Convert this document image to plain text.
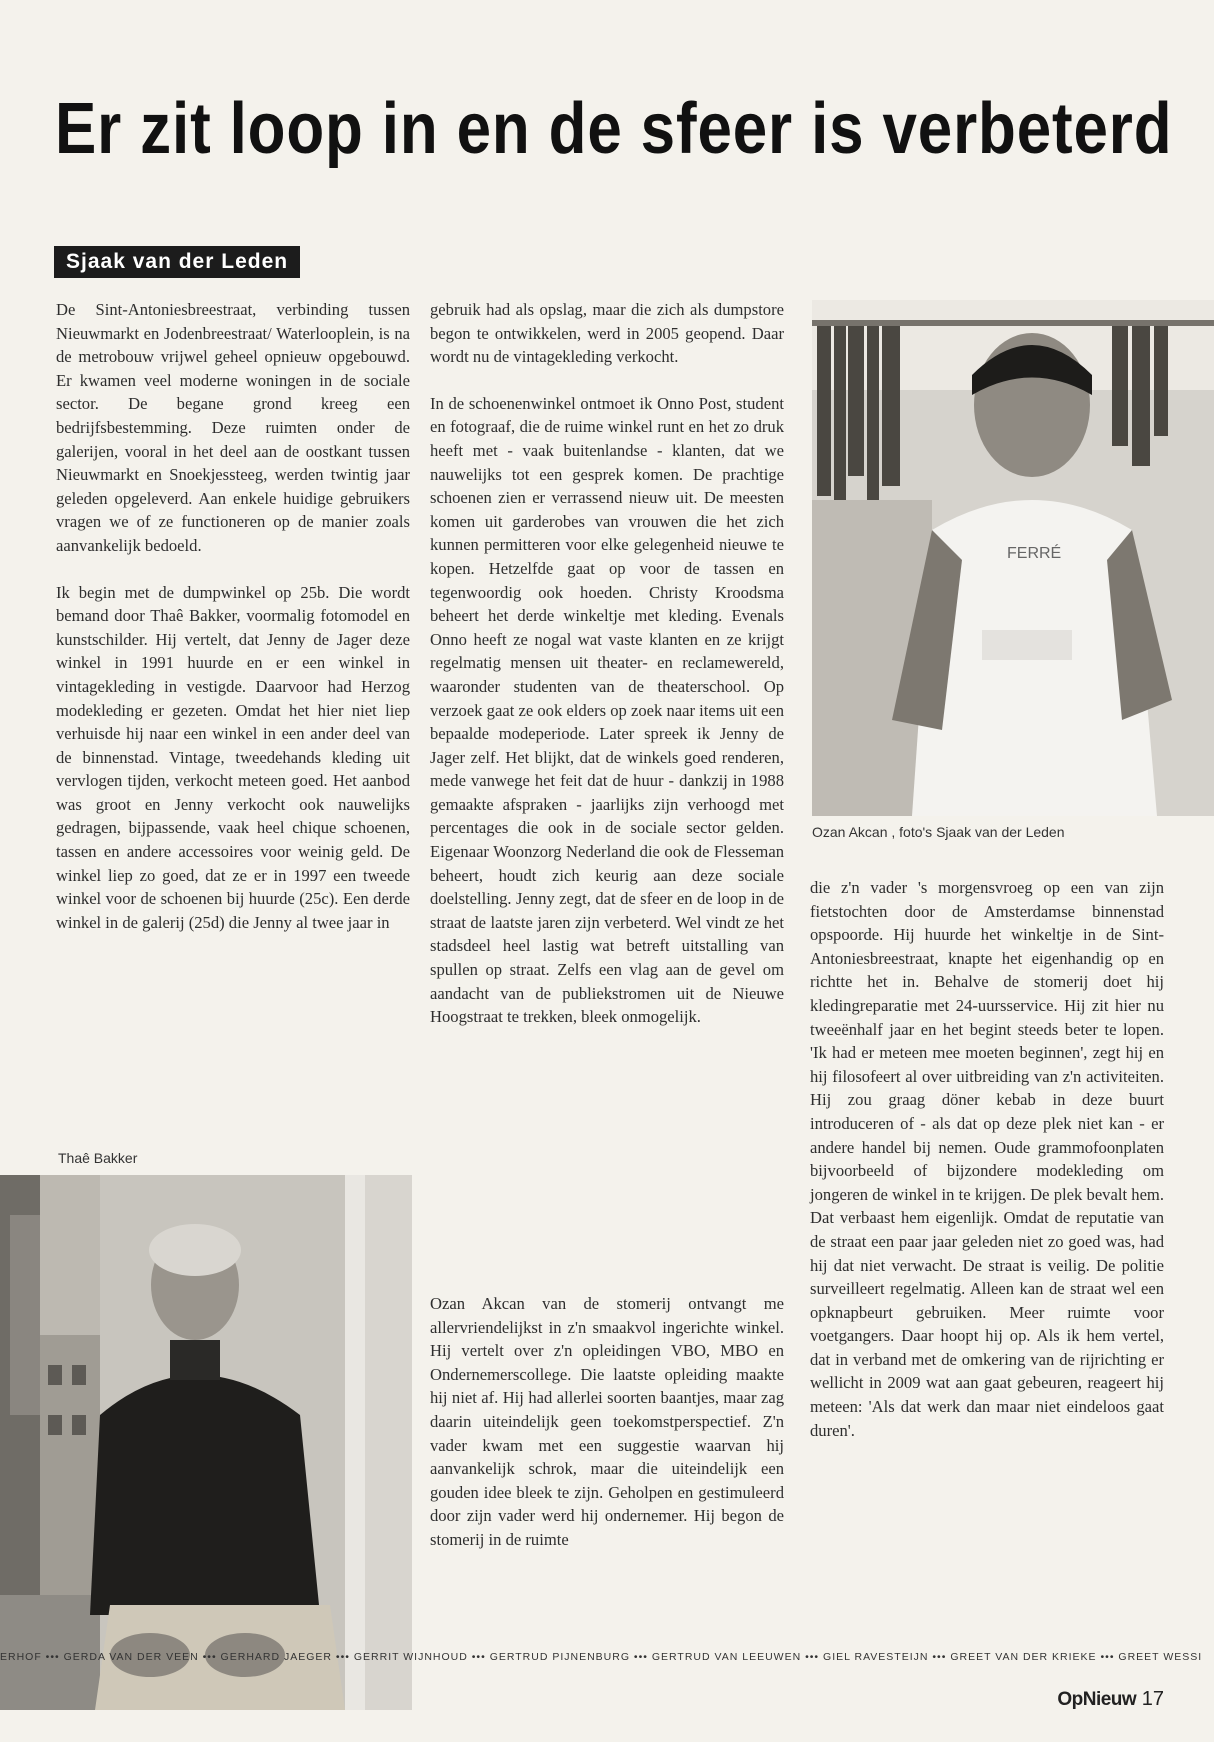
Er zit loop in en de sfeer is verbeterd
Sjaak van der Leden

De Sint-Antoniesbreestraat, verbinding tussen Nieuwmarkt en Jodenbreestraat/ Waterlooplein, is na de metrobouw vrijwel geheel opnieuw opgebouwd. Er kwamen veel moderne woningen in de sociale sector. De begane grond kreeg een bedrijfsbestemming. Deze ruimten onder de galerijen, vooral in het deel aan de oostkant tussen Nieuwmarkt en Snoekjessteeg, werden twintig jaar geleden opgeleverd. Aan enkele huidige gebruikers vragen we of ze functioneren op de manier zoals aanvankelijk bedoeld.

Ik begin met de dumpwinkel op 25b. Die wordt bemand door Thaê Bakker, voormalig fotomodel en kunstschilder. Hij vertelt, dat Jenny de Jager deze winkel in 1991 huurde en er een winkel in vintagekleding in vestigde. Daarvoor had Herzog modekleding er gezeten. Omdat het hier niet liep verhuisde hij naar een winkel in een ander deel van de binnenstad. Vintage, tweedehands kleding uit vervlogen tijden, verkocht meteen goed. Het aanbod was groot en Jenny verkocht ook nauwelijks gedragen, bijpassende, vaak heel chique schoenen, tassen en andere accessoires voor weinig geld. De winkel liep zo goed, dat ze er in 1997 een tweede winkel voor de schoenen bij huurde (25c). Een derde winkel in de galerij (25d) die Jenny al twee jaar in

Thaê Bakker

gebruik had als opslag, maar die zich als dumpstore begon te ontwikkelen, werd in 2005 geopend. Daar wordt nu de vintagekleding verkocht.

In de schoenenwinkel ontmoet ik Onno Post, student en fotograaf, die de ruime winkel runt en het zo druk heeft met - vaak buitenlandse - klanten, dat we nauwelijks tot een gesprek komen. De prachtige schoenen zien er verrassend nieuw uit. De meesten komen uit garderobes van vrouwen die het zich kunnen permitteren voor elke gelegenheid nieuwe te kopen. Hetzelfde gaat op voor de tassen en tegenwoordig ook hoeden. Christy Kroodsma beheert het derde winkeltje met kleding. Evenals Onno heeft ze nogal wat vaste klanten en ze krijgt regelmatig mensen uit theater- en reclamewereld, waaronder studenten van de theaterschool. Op verzoek gaat ze ook elders op zoek naar items uit een bepaalde modeperiode. Later spreek ik Jenny de Jager zelf. Het blijkt, dat de winkels goed renderen, mede vanwege het feit dat de huur - dankzij in 1988 gemaakte afspraken - jaarlijks zijn verhoogd met percentages die ook in de sociale sector gelden. Eigenaar Woonzorg Nederland die ook de Flesseman beheert, houdt zich keurig aan deze sociale doelstelling. Jenny zegt, dat de sfeer en de loop in de straat de laatste jaren zijn verbeterd. Wel vindt ze het stadsdeel heel lastig wat betreft uitstalling van spullen op straat. Zelfs een vlag aan de gevel om aandacht van de publiekstromen uit de Nieuwe Hoogstraat te trekken, bleek onmogelijk.

FERRÉ
Ozan Akcan , foto's Sjaak van der Leden

die z'n vader 's morgensvroeg op een van zijn fietstochten door de Amsterdamse binnenstad opspoorde. Hij huurde het winkeltje in de Sint-Antoniesbreestraat, knapte het eigenhandig op en richtte het in. Behalve de stomerij doet hij kledingreparatie met 24-uursservice. Hij zit hier nu tweeënhalf jaar en het begint steeds beter te lopen. 'Ik had er meteen mee moeten beginnen', zegt hij en hij filosofeert al over uitbreiding van z'n activiteiten. Hij zou graag döner kebab in deze buurt introduceren of - als dat op deze plek niet kan - er andere handel bij nemen. Oude grammofoonplaten bijvoorbeeld of bijzondere modekleding om jongeren de winkel in te krijgen. De plek bevalt hem. Dat verbaast hem eigenlijk. Omdat de reputatie van de straat een paar jaar geleden niet zo goed was, had hij dat niet verwacht. De straat is veilig. De politie surveilleert regelmatig. Alleen kan de straat wel een opknapbeurt gebruiken. Meer ruimte voor voetgangers. Daar hoopt hij op. Als ik hem vertel, dat in verband met de omkering van de rijrichting er wellicht in 2009 wat aan gaat gebeuren, reageert hij meteen: 'Als dat werk dan maar niet eindeloos gaat duren'.

ERHOF ••• GERDA VAN DER VEEN ••• GERHARD JAEGER ••• GERRIT WIJNHOUD ••• GERTRUD PIJNENBURG ••• GERTRUD VAN LEEUWEN ••• GIEL RAVESTEIJN ••• GREET VAN DER KRIEKE ••• GREET WESSI
OpNieuw 17

Ozan Akcan van de stomerij ontvangt me allervriendelijkst in z'n smaakvol ingerichte winkel. Hij vertelt over z'n opleidingen VBO, MBO en Ondernemerscollege. Die laatste opleiding maakte hij niet af. Hij had allerlei soorten baantjes, maar zag daarin uiteindelijk geen toekomstperspectief. Z'n vader kwam met een suggestie waarvan hij aanvankelijk schrok, maar die uiteindelijk een gouden idee bleek te zijn. Geholpen en gestimuleerd door zijn vader werd hij ondernemer. Hij begon de stomerij in de ruimte
